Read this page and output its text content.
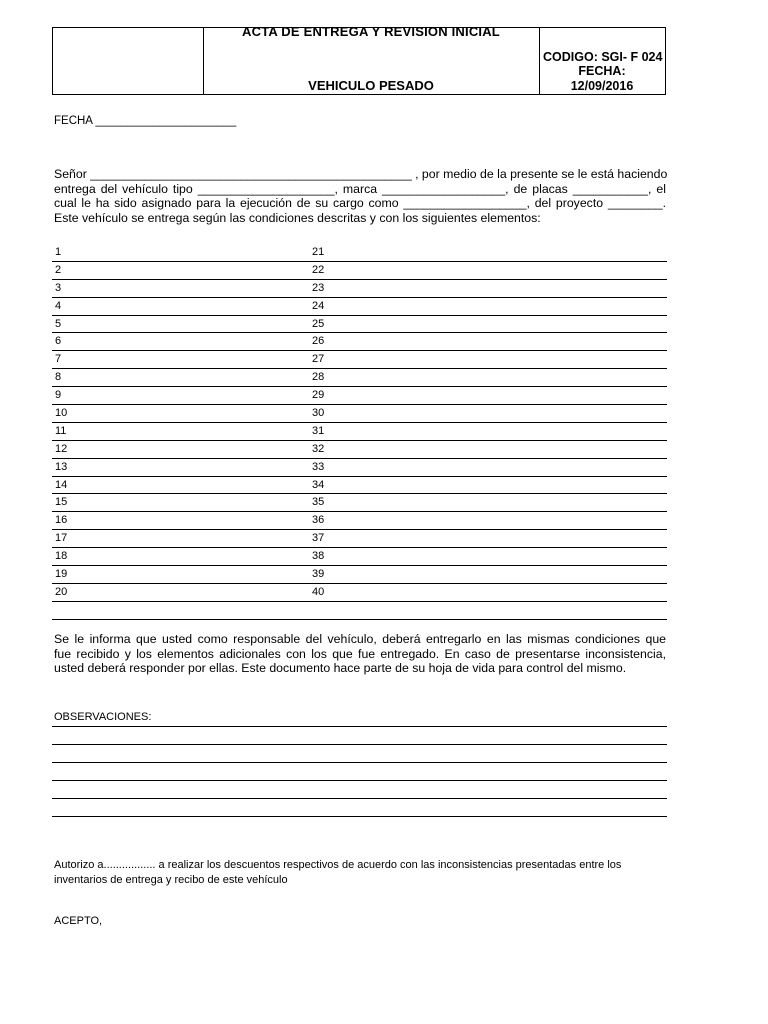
ACTA DE ENTREGA Y REVISION INICIAL
VEHICULO PESADO
CODIGO: SGI- F 024
FECHA:
12/09/2016
FECHA ______________________
Señor _______________________________________________ , por medio de la presente se le está haciendo
entrega del vehículo tipo ____________________, marca __________________, de placas ___________, el
cual le ha sido asignado para la ejecución de su cargo como __________________, del proyecto ________.
Este vehículo se entrega según las condiciones descritas y con los siguientes elementos:
1	21
2	22
3	23
4	24
5	25
6	26
7	27
8	28
9	29
10	30
11	31
12	32
13	33
14	34
15	35
16	36
17	37
18	38
19	39
20	40
Se le informa que usted como responsable del vehículo, deberá entregarlo en las mismas condiciones que
fue recibido y los elementos adicionales con los que fue entregado. En caso de presentarse inconsistencia,
usted deberá responder por ellas. Este documento hace parte de su hoja de vida para control del mismo.
OBSERVACIONES:
Autorizo a................. a realizar los descuentos respectivos de acuerdo con las inconsistencias presentadas entre los
inventarios de entrega y recibo de este vehículo
ACEPTO,
